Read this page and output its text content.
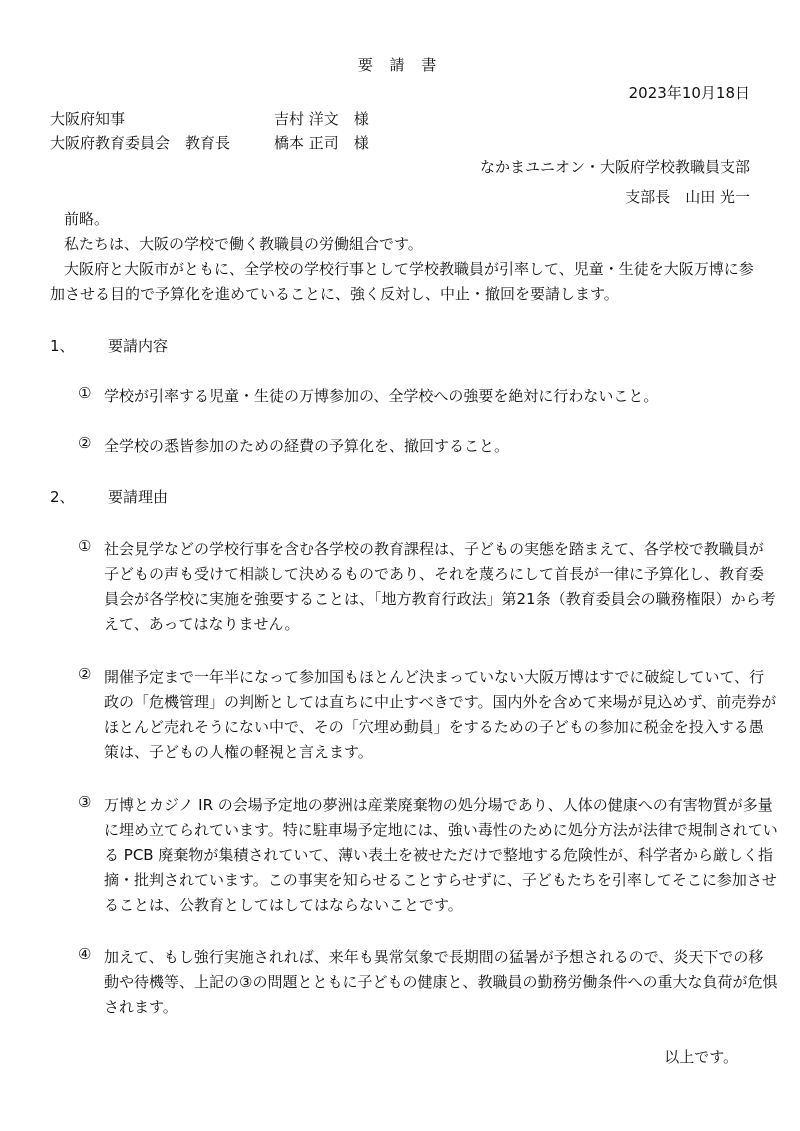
要 請 書
2023年10月18日
大阪府知事	吉村 洋文　様
大阪府教育委員会　教育長	橋本 正司　様
なかまユニオン・大阪府学校教職員支部
支部長　山田 光一
前略。
私たちは、大阪の学校で働く教職員の労働組合です。
大阪府と大阪市がともに、全学校の学校行事として学校教職員が引率して、児童・生徒を大阪万博に参加させる目的で予算化を進めていることに、強く反対し、中止・撤回を要請します。
1、 要請内容
① 学校が引率する児童・生徒の万博参加の、全学校への強要を絶対に行わないこと。
② 全学校の悉皆参加のための経費の予算化を、撤回すること。
2、 要請理由
① 社会見学などの学校行事を含む各学校の教育課程は、子どもの実態を踏まえて、各学校で教職員が子どもの声も受けて相談して決めるものであり、それを蔑ろにして首長が一律に予算化し、教育委員会が各学校に実施を強要することは、「地方教育行政法」第21条（教育委員会の職務権限）から考えて、あってはなりません。
② 開催予定まで一年半になって参加国もほとんど決まっていない大阪万博はすでに破綻していて、行政の「危機管理」の判断としては直ちに中止すべきです。国内外を含めて来場が見込めず、前売券がほとんど売れそうにない中で、その「穴埋め動員」をするための子どもの参加に税金を投入する愚策は、子どもの人権の軽視と言えます。
③ 万博とカジノ IR の会場予定地の夢洲は産業廃棄物の処分場であり、人体の健康への有害物質が多量に埋め立てられています。特に駐車場予定地には、強い毒性のために処分方法が法律で規制されている PCB 廃棄物が集積されていて、薄い表土を被せただけで整地する危険性が、科学者から厳しく指摘・批判されています。この事実を知らせることすらせずに、子どもたちを引率してそこに参加させることは、公教育としてはしてはならないことです。
④ 加えて、もし強行実施されれば、来年も異常気象で長期間の猛暑が予想されるので、炎天下での移動や待機等、上記の③の問題とともに子どもの健康と、教職員の勤務労働条件への重大な負荷が危惧されます。
以上です。
